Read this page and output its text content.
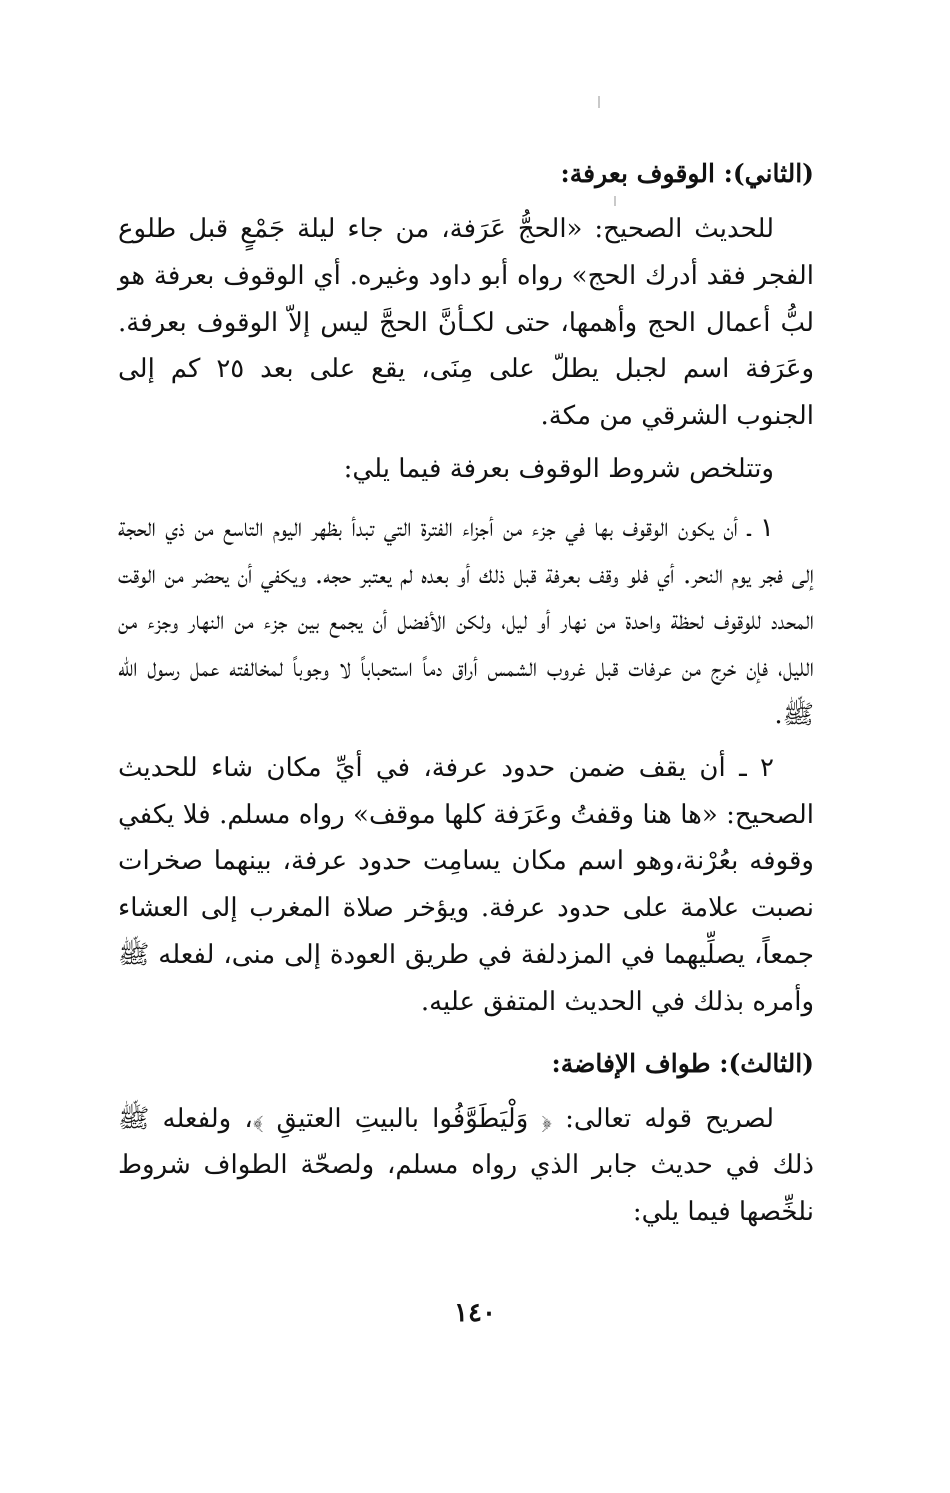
(الثاني): الوقوف بعرفة:

للحديث الصحيح: «الحجُّ عَرَفة، من جاء ليلة جَمْعٍ قبل طلوع الفجر فقد أدرك الحج» رواه أبو داود وغيره. أي الوقوف بعرفة هو لبُّ أعمال الحج وأهمها، حتى لكـأنَّ الحجَّ ليس إلاّ الوقوف بعرفة. وعَرَفة اسم لجبل يطلّ على مِنَى، يقع على بعد ٢٥ كم إلى الجنوب الشرقي من مكة.

وتتلخص شروط الوقوف بعرفة فيما يلي:

١ ـ أن يكون الوقوف بها في جزء من أجزاء الفترة التي تبدأ بظهر اليوم التاسع من ذي الحجة إلى فجر يوم النحر. أي فلو وقف بعرفة قبل ذلك أو بعده لم يعتبر حجه. ويكفي أن يحضر من الوقت المحدد للوقوف لحظة واحدة من نهار أو ليل، ولكن الأفضل أن يجمع بين جزء من النهار وجزء من الليل، فإن خرج من عرفات قبل غروب الشمس أراق دماً استحباباً لا وجوباً لمخالفته عمل رسول الله ﷺ.

٢ ـ أن يقف ضمن حدود عرفة، في أيِّ مكان شاء للحديث الصحيح: «ها هنا وقفتُ وعَرَفة كلها موقف» رواه مسلم. فلا يكفي وقوفه بعُرْنة،وهو اسم مكان يسامِت حدود عرفة، بينهما صخرات نصبت علامة على حدود عرفة. ويؤخر صلاة المغرب إلى العشاء جمعاً، يصلِّيهما في المزدلفة في طريق العودة إلى منى، لفعله ﷺ وأمره بذلك في الحديث المتفق عليه.

(الثالث): طواف الإفاضة:

لصريح قوله تعالى: ﴿ وَلْيَطَوَّفُوا بالبيتِ العتيقِ ﴾، ولفعله ﷺ ذلك في حديث جابر الذي رواه مسلم، ولصحّة الطواف شروط نلخِّصها فيما يلي:

١٤٠
